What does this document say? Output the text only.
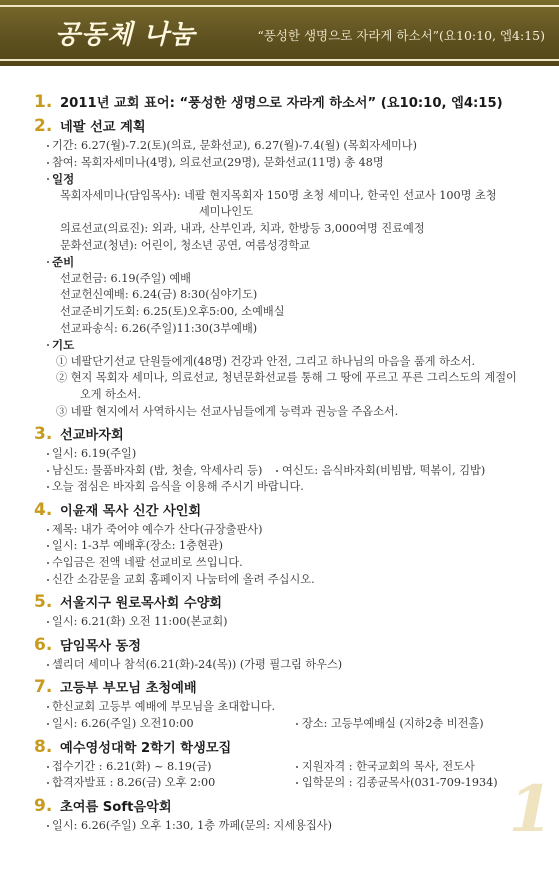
공동체 나눔	“풍성한 생명으로 자라게 하소서”(요10:10, 엡4:15)
1. 2011년 교회 표어: “풍성한 생명으로 자라게 하소서” (요10:10, 엡4:15)
2. 네팔 선교 계획
기간: 6.27(월)-7.2(토)(의료, 문화선교), 6.27(월)-7.4(월) (목회자세미나)
참여: 목회자세미나(4명), 의료선교(29명), 문화선교(11명) 총 48명
일정
목회자세미나(담임목사): 네팔 현지목회자 150명 초청 세미나, 한국인 선교사 100명 초청
세미나인도
의료선교(의료진): 외과, 내과, 산부인과, 치과, 한방등 3,000여명 진료예정
문화선교(청년): 어린이, 청소년 공연, 여름성경학교
준비
선교헌금: 6.19(주일) 예배
선교헌신예배: 6.24(금) 8:30(심야기도)
선교준비기도회: 6.25(토)오후5:00, 소예배실
선교파송식: 6.26(주일)11:30(3부예배)
기도
① 네팔단기선교 단원들에게(48명) 건강과 안전, 그리고 하나님의 마음을 품게 하소서.
② 현지 목회자 세미나, 의료선교, 청년문화선교를 통해 그 땅에 푸르고 푸른 그리스도의 계절이
오게 하소서.
③ 네팔 현지에서 사역하시는 선교사님들에게 능력과 권능을 주옵소서.
3. 선교바자회
일시: 6.19(주일)
남신도: 물품바자회 (밥, 첫솔, 악세사리 등)	여신도: 음식바자회(비빔밥, 떡볶이, 김밥)
오늘 점심은 바자회 음식을 이용해 주시기 바랍니다.
4. 이윤재 목사 신간 사인회
제목: 내가 죽어야 예수가 산다(규장출판사)
일시: 1-3부 예배후(장소: 1층현관)
수입금은 전액 네팔 선교비로 쓰입니다.
신간 소감문을 교회 홈페이지 나눔터에 올려 주십시오.
5. 서울지구 원로목사회 수양회
일시: 6.21(화) 오전 11:00(본교회)
6. 담임목사 동정
셀리더 세미나 참석(6.21(화)-24(목)) (가평 필그림 하우스)
7. 고등부 부모님 초청예배
한신교회 고등부 예배에 부모님을 초대합니다.
일시: 6.26(주일) 오전10:00	장소: 고등부예배실 (지하2층 비전홀)
8. 예수영성대학 2학기 학생모집
접수기간 : 6.21(화) ~ 8.19(금)	지원자격 : 한국교회의 목사, 전도사
합격자발표 : 8.26(금) 오후 2:00	입학문의 : 김종균목사(031-709-1934)
9. 초여름 Soft음악회
일시: 6.26(주일) 오후 1:30, 1층 까페(문의: 지세용집사)	1
